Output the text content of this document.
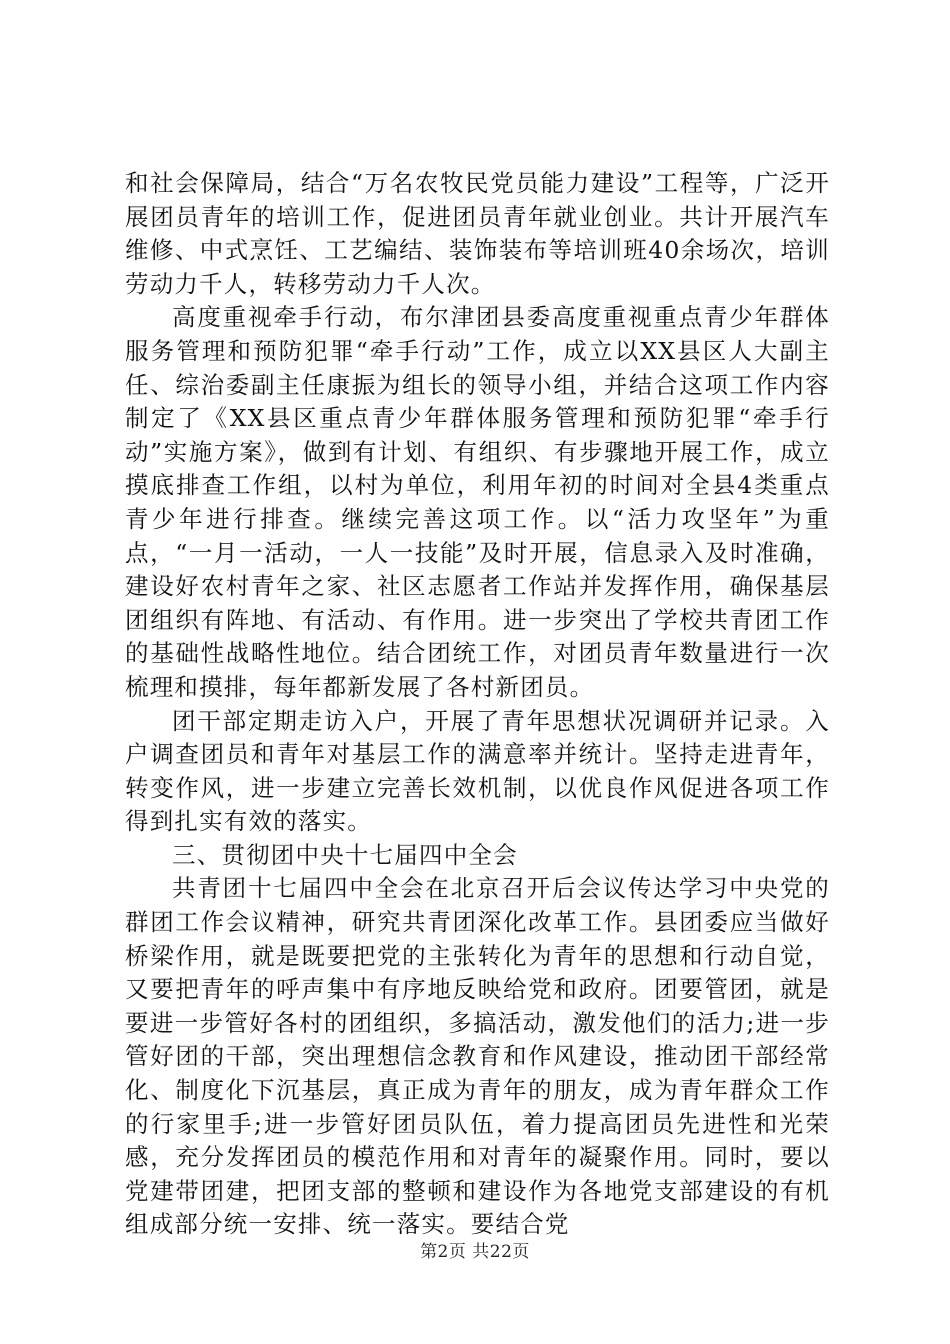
和社会保障局，结合“万名农牧民党员能力建设”工程等，广泛开展团员青年的培训工作，促进团员青年就业创业。共计开展汽车维修、中式烹饪、工艺编结、装饰装布等培训班40余场次，培训劳动力千人，转移劳动力千人次。

高度重视牵手行动，布尔津团县委高度重视重点青少年群体服务管理和预防犯罪“牵手行动”工作，成立以XX县区人大副主任、综治委副主任康振为组长的领导小组，并结合这项工作内容制定了《XX县区重点青少年群体服务管理和预防犯罪“牵手行动”实施方案》，做到有计划、有组织、有步骤地开展工作，成立摸底排查工作组，以村为单位，利用年初的时间对全县4类重点青少年进行排查。继续完善这项工作。以“活力攻坚年”为重点，“一月一活动，一人一技能”及时开展，信息录入及时准确，建设好农村青年之家、社区志愿者工作站并发挥作用，确保基层团组织有阵地、有活动、有作用。进一步突出了学校共青团工作的基础性战略性地位。结合团统工作，对团员青年数量进行一次梳理和摸排，每年都新发展了各村新团员。

团干部定期走访入户，开展了青年思想状况调研并记录。入户调查团员和青年对基层工作的满意率并统计。坚持走进青年，转变作风，进一步建立完善长效机制，以优良作风促进各项工作得到扎实有效的落实。

三、贯彻团中央十七届四中全会

共青团十七届四中全会在北京召开后会议传达学习中央党的群团工作会议精神，研究共青团深化改革工作。县团委应当做好桥梁作用，就是既要把党的主张转化为青年的思想和行动自觉，又要把青年的呼声集中有序地反映给党和政府。团要管团，就是要进一步管好各村的团组织，多搞活动，激发他们的活力;进一步管好团的干部，突出理想信念教育和作风建设，推动团干部经常化、制度化下沉基层，真正成为青年的朋友，成为青年群众工作的行家里手;进一步管好团员队伍，着力提高团员先进性和光荣感，充分发挥团员的模范作用和对青年的凝聚作用。同时，要以党建带团建，把团支部的整顿和建设作为各地党支部建设的有机组成部分统一安排、统一落实。要结合党

第2页 共22页
